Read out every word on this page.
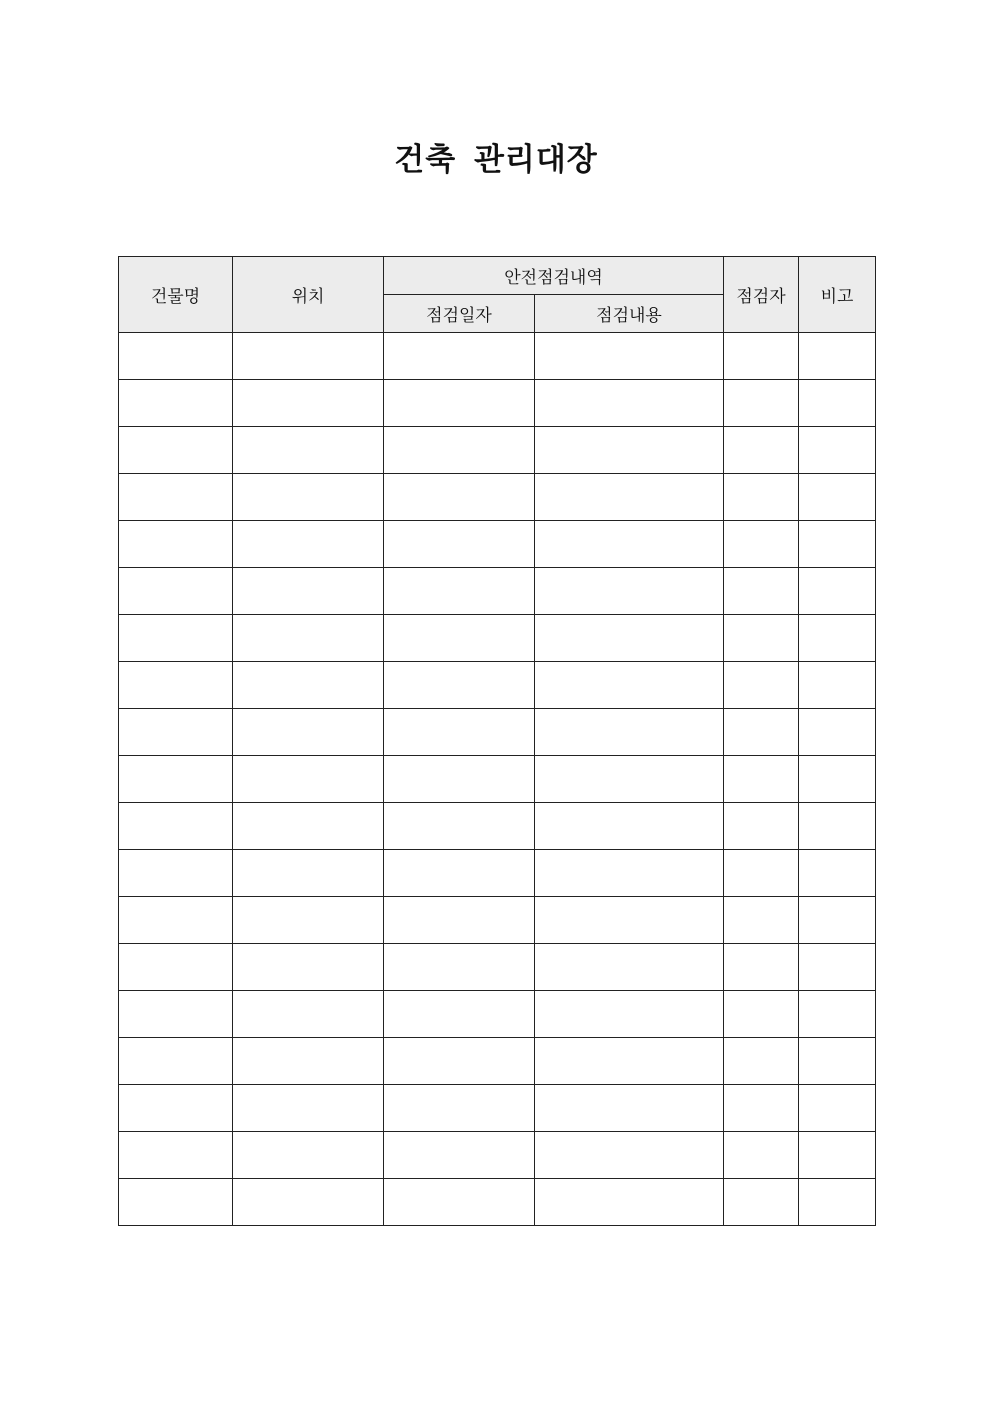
건축 관리대장
건물명	위치	안전점검내역		점검자	비고
		점검일자	점검내용		
